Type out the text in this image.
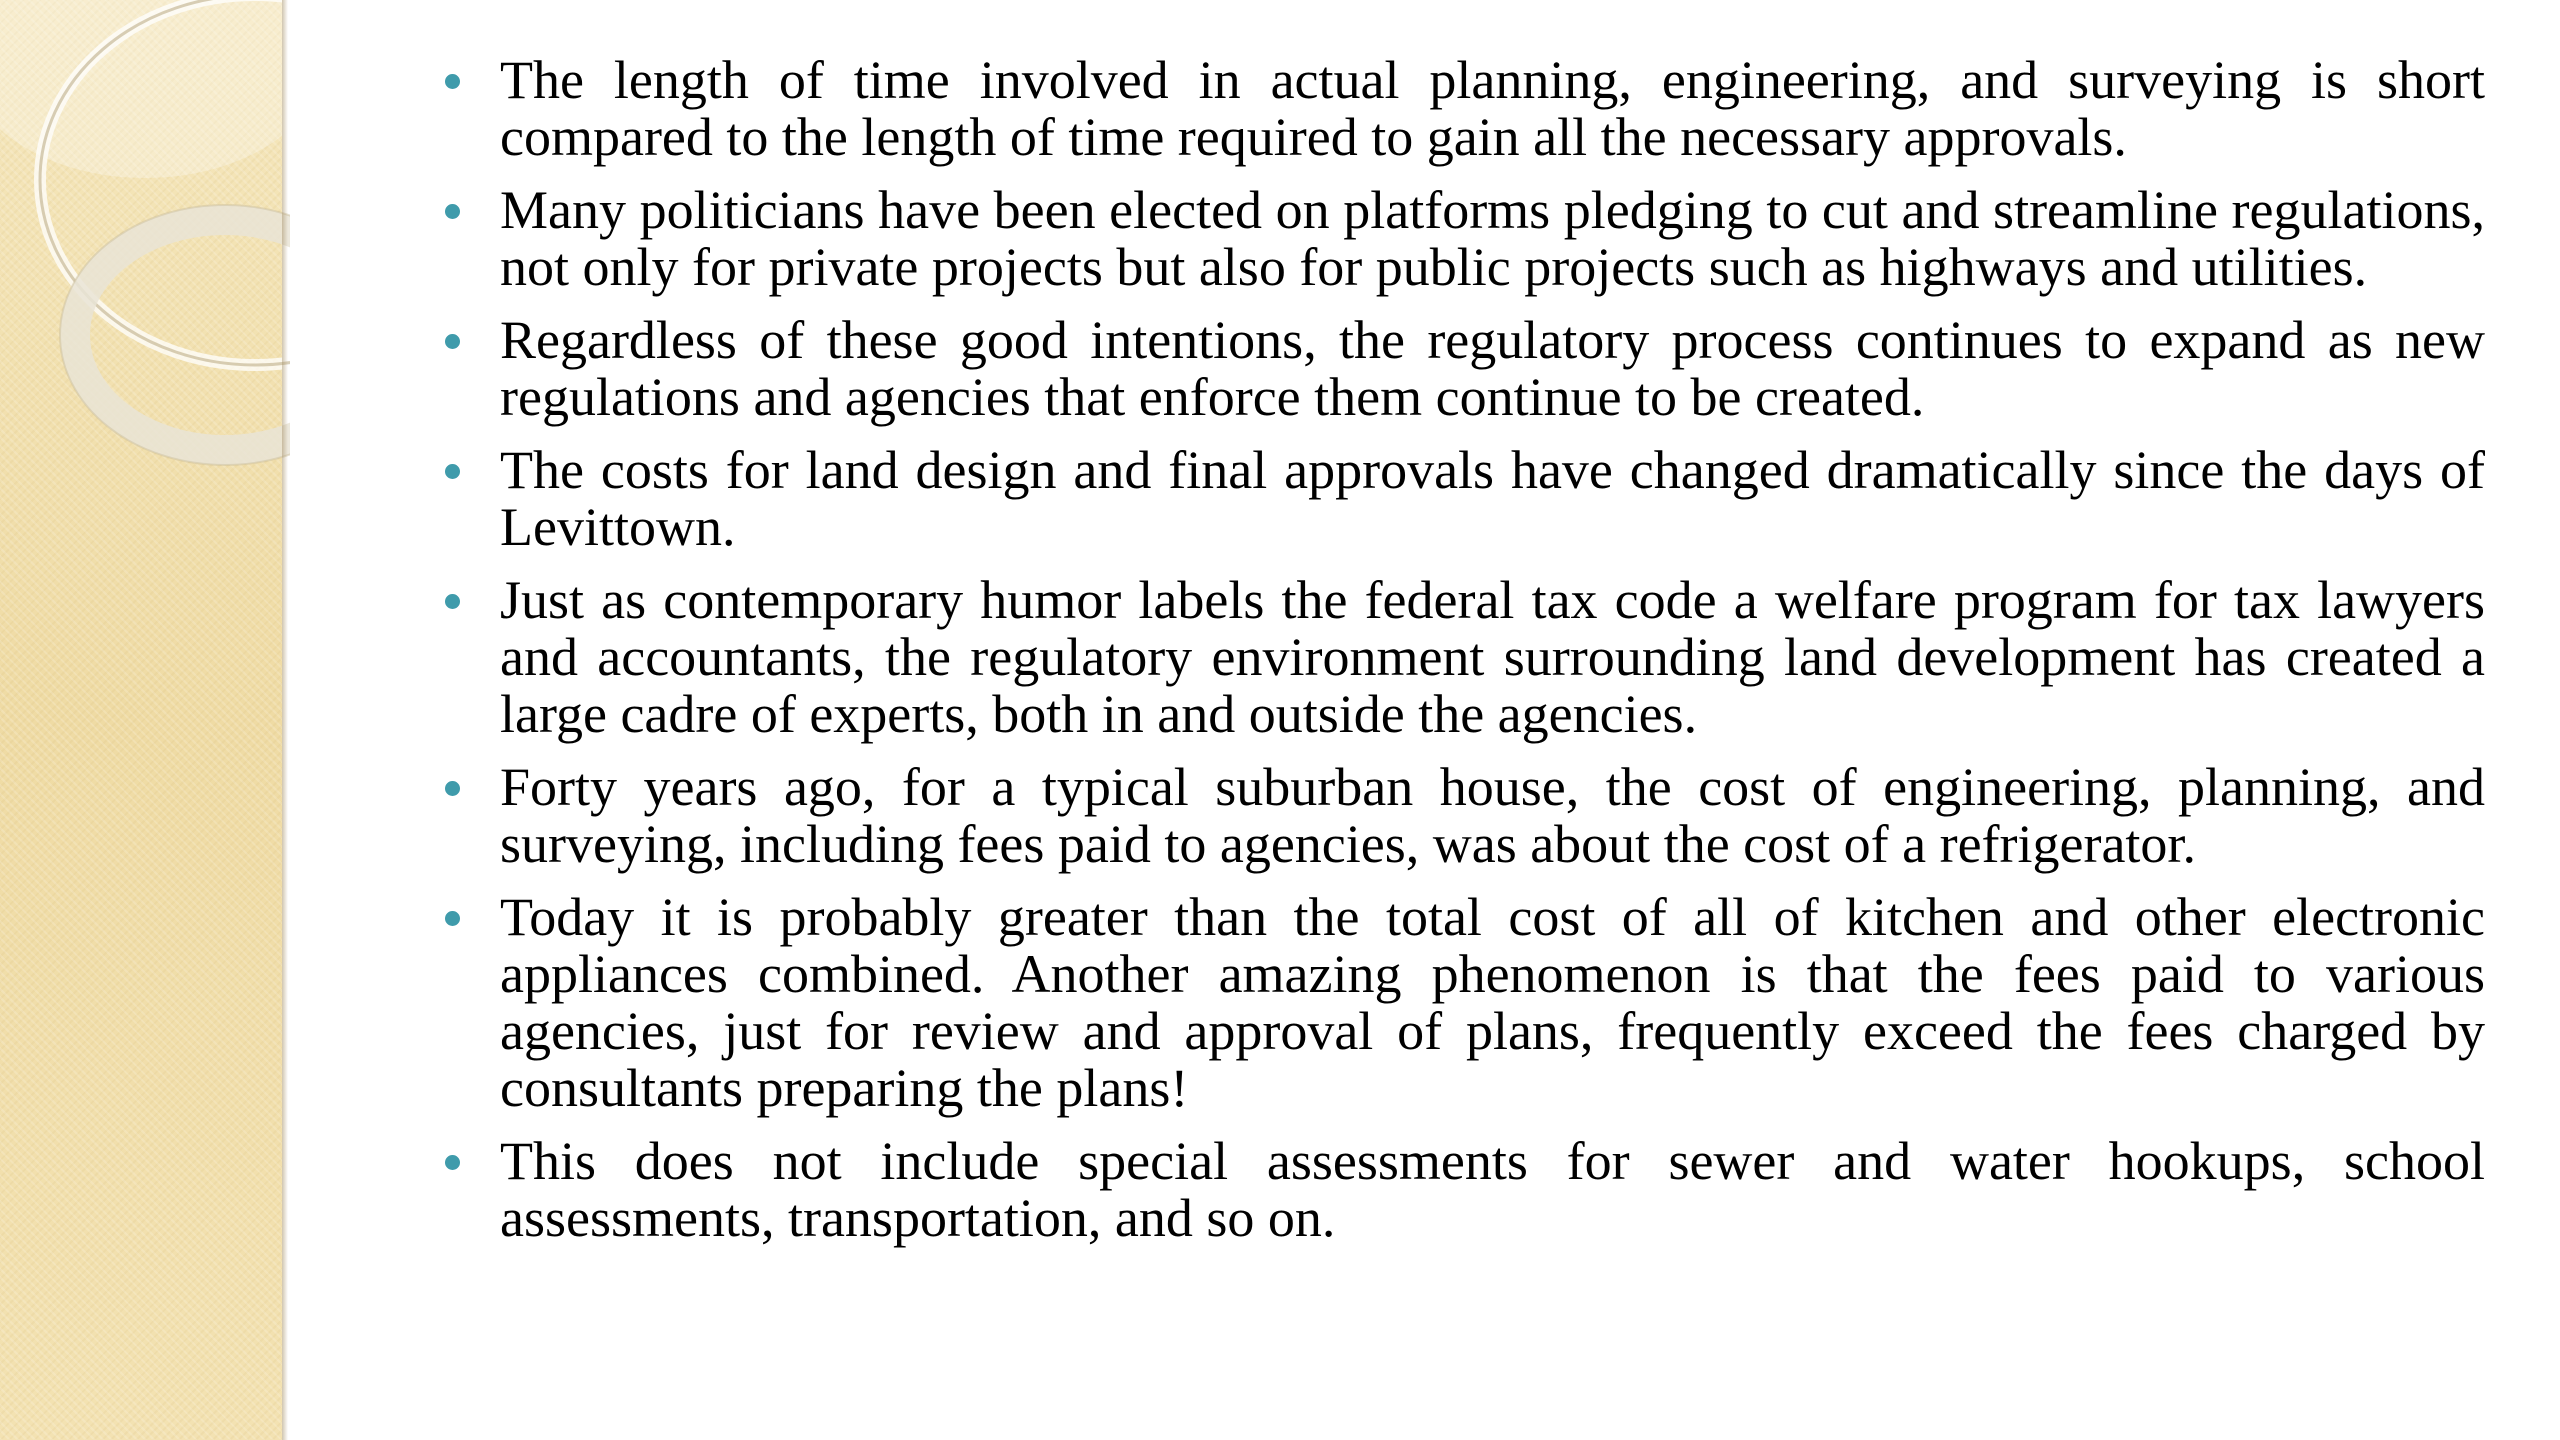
The length of time involved in actual planning, engineering, and surveying is short compared to the length of time required to gain all the necessary approvals.
Many politicians have been elected on platforms pledging to cut and streamline regulations, not only for private projects but also for public projects such as highways and utilities.
Regardless of these good intentions, the regulatory process continues to expand as new regulations and agencies that enforce them continue to be created.
The costs for land design and final approvals have changed dramatically since the days of Levittown.
Just as contemporary humor labels the federal tax code a welfare program for tax lawyers and accountants, the regulatory environment surrounding land development has created a large cadre of experts, both in and outside the agencies.
Forty years ago, for a typical suburban house, the cost of engineering, planning, and surveying, including fees paid to agencies, was about the cost of a refrigerator.
Today it is probably greater than the total cost of all of kitchen and other electronic appliances combined. Another amazing phenomenon is that the fees paid to various agencies, just for review and approval of plans, frequently exceed the fees charged by consultants preparing the plans!
This does not include special assessments for sewer and water hookups, school assessments, transportation, and so on.
